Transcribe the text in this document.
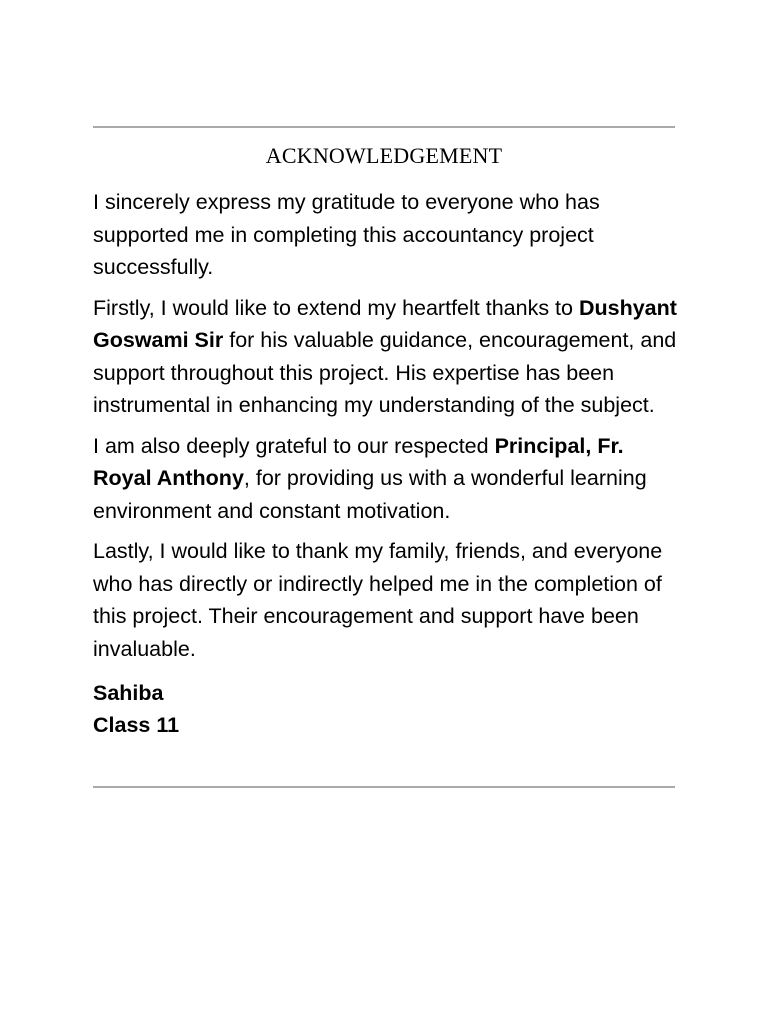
ACKNOWLEDGEMENT

I sincerely express my gratitude to everyone who has supported me in completing this accountancy project successfully.

Firstly, I would like to extend my heartfelt thanks to Dushyant Goswami Sir for his valuable guidance, encouragement, and support throughout this project. His expertise has been instrumental in enhancing my understanding of the subject.

I am also deeply grateful to our respected Principal, Fr. Royal Anthony, for providing us with a wonderful learning environment and constant motivation.

Lastly, I would like to thank my family, friends, and everyone who has directly or indirectly helped me in the completion of this project. Their encouragement and support have been invaluable.

Sahiba
Class 11
